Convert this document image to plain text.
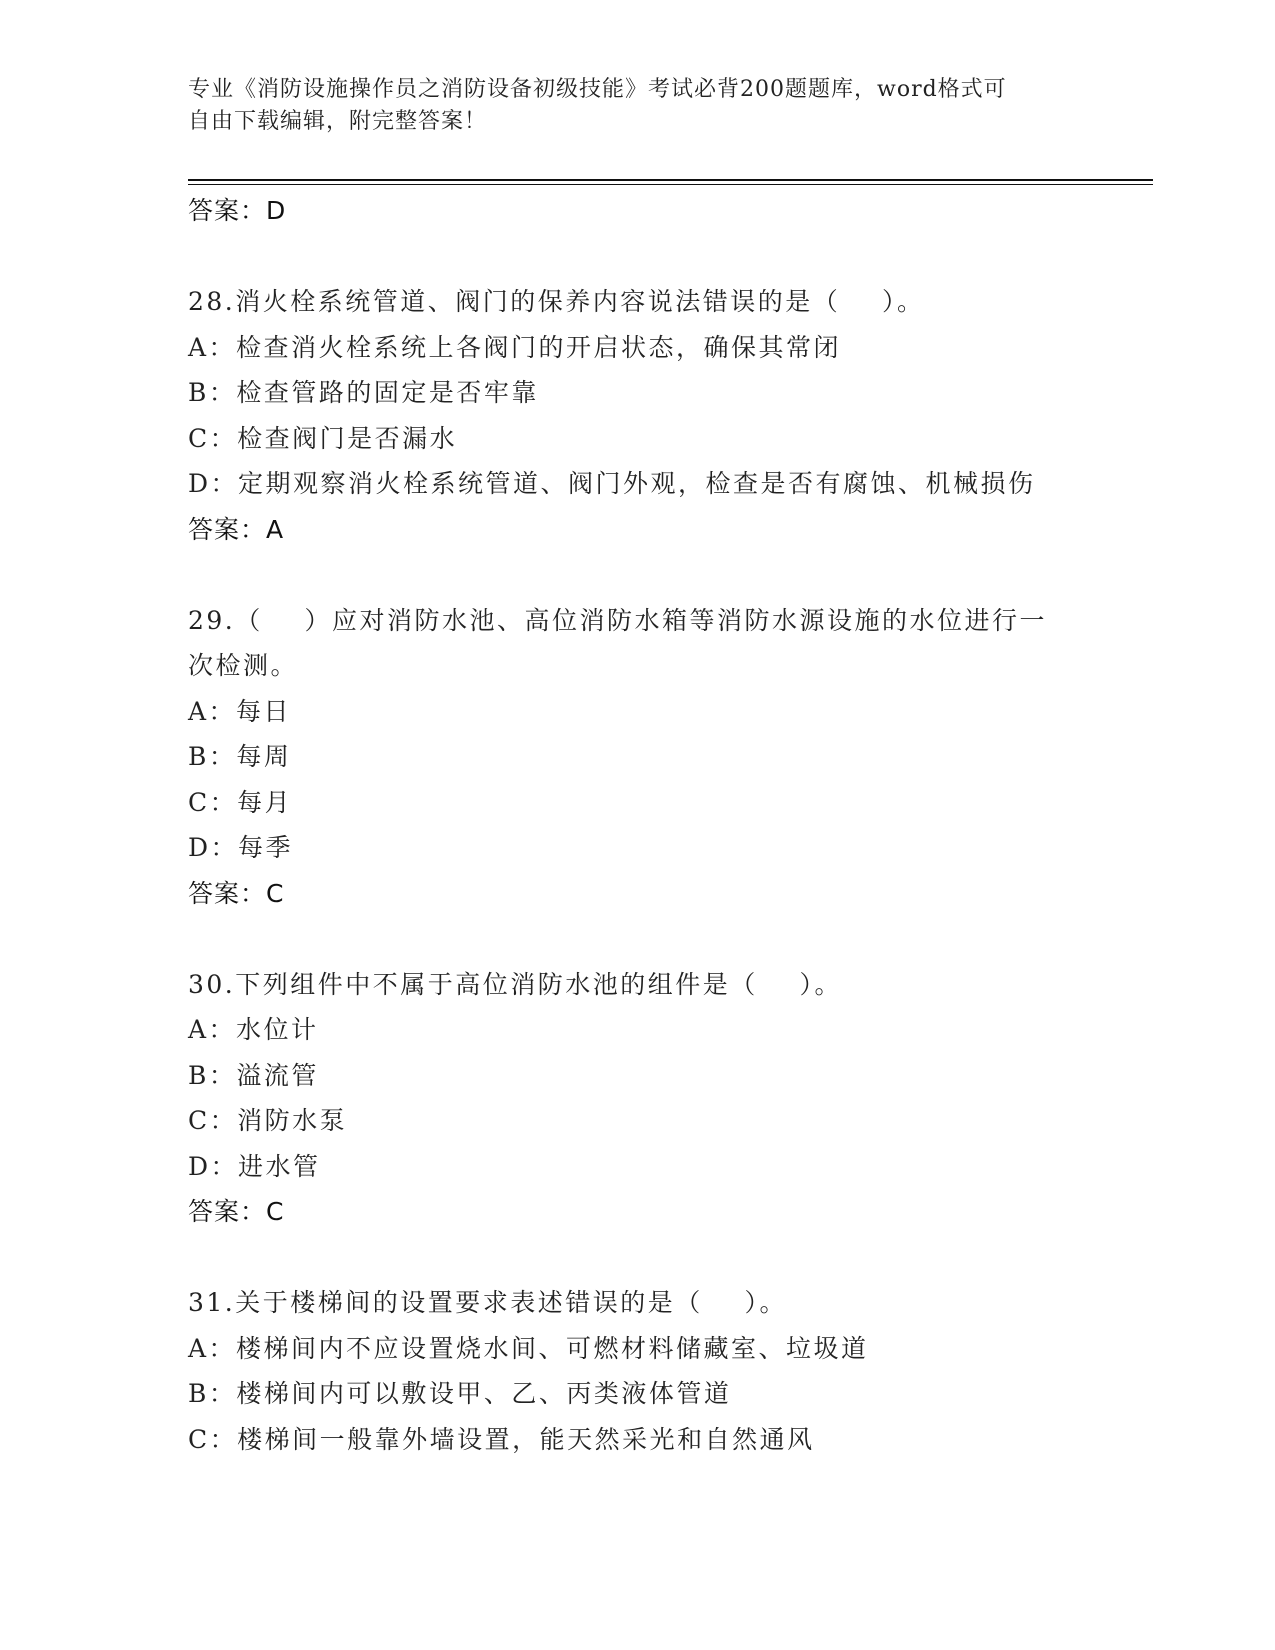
专业《消防设施操作员之消防设备初级技能》考试必背200题题库，word格式可
自由下载编辑，附完整答案！
答案：D
28.消火栓系统管道、阀门的保养内容说法错误的是（    ）。
A：检查消火栓系统上各阀门的开启状态，确保其常闭
B：检查管路的固定是否牢靠
C：检查阀门是否漏水
D：定期观察消火栓系统管道、阀门外观，检查是否有腐蚀、机械损伤
答案：A
29.（    ）应对消防水池、高位消防水箱等消防水源设施的水位进行一
次检测。
A：每日
B：每周
C：每月
D：每季
答案：C
30.下列组件中不属于高位消防水池的组件是（    ）。
A：水位计
B：溢流管
C：消防水泵
D：进水管
答案：C
31.关于楼梯间的设置要求表述错误的是（    ）。
A：楼梯间内不应设置烧水间、可燃材料储藏室、垃圾道
B：楼梯间内可以敷设甲、乙、丙类液体管道
C：楼梯间一般靠外墙设置，能天然采光和自然通风
